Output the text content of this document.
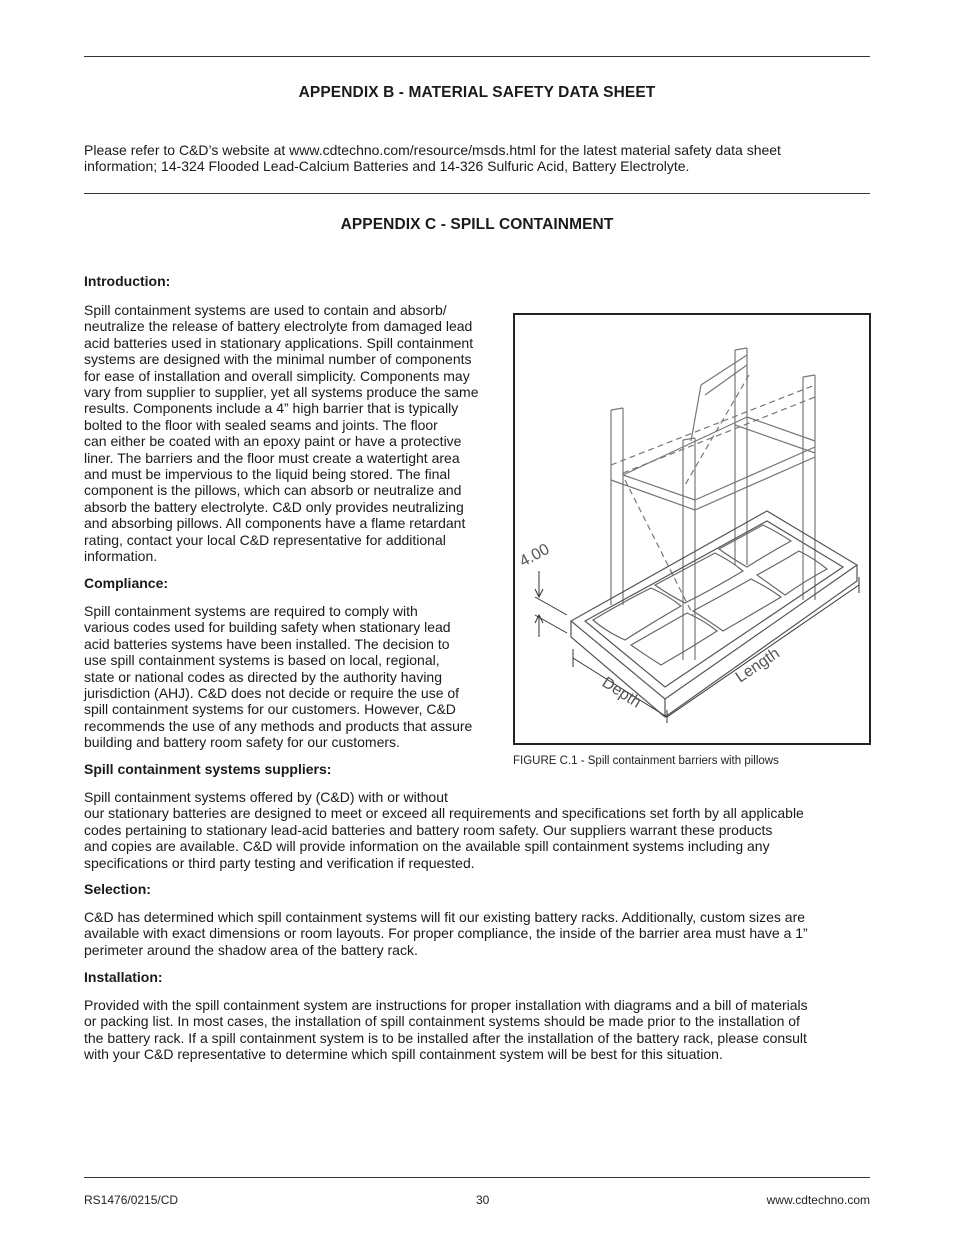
APPENDIX B - MATERIAL SAFETY DATA SHEET

Please refer to C&D’s website at www.cdtechno.com/resource/msds.html for the latest material safety data sheet
information; 14-324 Flooded Lead-Calcium Batteries and 14-326 Sulfuric Acid, Battery Electrolyte.

APPENDIX C - SPILL CONTAINMENT

Introduction:

Spill containment systems are used to contain and absorb/
neutralize the release of battery electrolyte from damaged lead
acid batteries used in stationary applications. Spill containment
systems are designed with the minimal number of components
for ease of installation and overall simplicity. Components may
vary from supplier to supplier, yet all systems produce the same
results. Components include a 4” high barrier that is typically
bolted to the floor with sealed seams and joints. The floor
can either be coated with an epoxy paint or have a protective
liner. The barriers and the floor must create a watertight area
and must be impervious to the liquid being stored. The final
component is the pillows, which can absorb or neutralize and
absorb the battery electrolyte. C&D only provides neutralizing
and absorbing pillows. All components have a flame retardant
rating, contact your local C&D representative for additional
information.

Compliance:

Spill containment systems are required to comply with
various codes used for building safety when stationary lead
acid batteries systems have been installed. The decision to
use spill containment systems is based on local, regional,
state or national codes as directed by the authority having
jurisdiction (AHJ). C&D does not decide or require the use of
spill containment systems for our customers. However, C&D
recommends the use of any methods and products that assure
building and battery room safety for our customers.

Spill containment systems suppliers:

Spill containment systems offered by (C&D) with or without
our stationary batteries are designed to meet or exceed all requirements and specifications set forth by all applicable
codes pertaining to stationary lead-acid batteries and battery room safety. Our suppliers warrant these products
and copies are available. C&D will provide information on the available spill containment systems including any
specifications or third party testing and verification if requested.

Selection:

C&D has determined which spill containment systems will fit our existing battery racks. Additionally, custom sizes are
available with exact dimensions or room layouts. For proper compliance, the inside of the barrier area must have a 1”
perimeter around the shadow area of the battery rack.

Installation:

Provided with the spill containment system are instructions for proper installation with diagrams and a bill of materials
or packing list. In most cases, the installation of spill containment systems should be made prior to the installation of
the battery rack. If a spill containment system is to be installed after the installation of the battery rack, please consult
with your C&D representative to determine which spill containment system will be best for this situation.

4.00
Depth
Length
FIGURE C.1 - Spill containment barriers with pillows
RS1476/0215/CD	30	www.cdtechno.com
